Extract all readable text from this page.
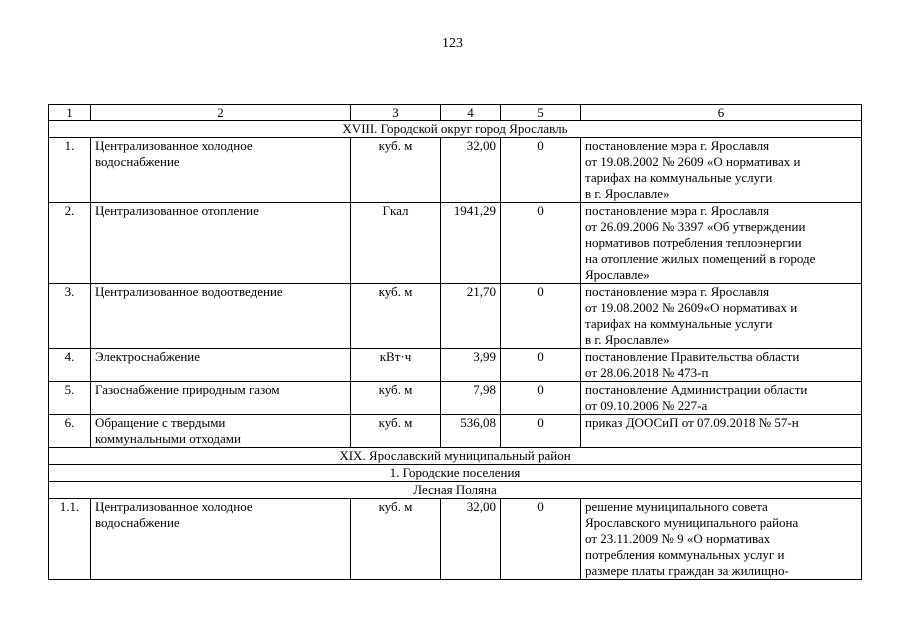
123
1	2	3	4	5	6
XVIII. Городской округ город Ярославль					
1.	Централизованное холодное
водоснабжение	куб. м	32,00	0	постановление мэра г. Ярославля
от 19.08.2002 № 2609 «О нормативах и
тарифах на коммунальные услуги
в г. Ярославле»
2.	Централизованное отопление	Гкал	1941,29	0	постановление мэра г. Ярославля
от 26.09.2006 № 3397 «Об утверждении
нормативов потребления теплоэнергии
на отопление жилых помещений в городе
Ярославле»
3.	Централизованное водоотведение	куб. м	21,70	0	постановление мэра г. Ярославля
от 19.08.2002 № 2609«О нормативах и
тарифах на коммунальные услуги
в г. Ярославле»
4.	Электроснабжение	кВт·ч	3,99	0	постановление Правительства области
от 28.06.2018 № 473-п
5.	Газоснабжение природным газом	куб. м	7,98	0	постановление Администрации области
от 09.10.2006 № 227-а
6.	Обращение с твердыми
коммунальными отходами	куб. м	536,08	0	приказ ДООСиП от 07.09.2018 № 57-н
XIX. Ярославский муниципальный район					
1. Городские поселения					
Лесная Поляна					
1.1.	Централизованное холодное
водоснабжение	куб. м	32,00	0	решение муниципального совета
Ярославского муниципального района
от 23.11.2009 № 9 «О нормативах
потребления коммунальных услуг и
размере платы граждан за жилищно-
